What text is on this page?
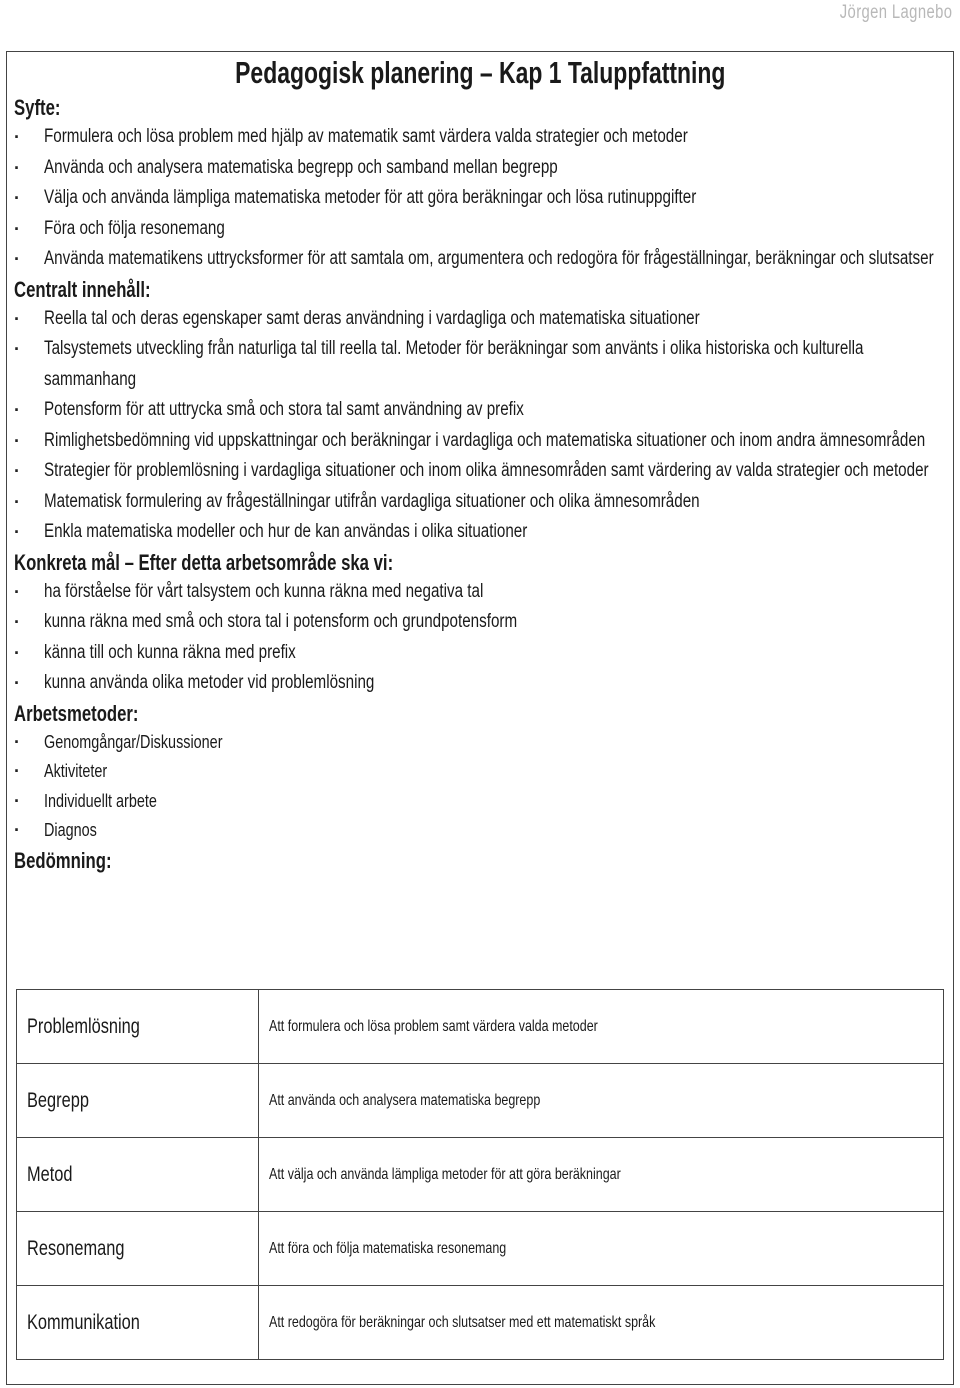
Jörgen Lagnebo
Pedagogisk planering – Kap 1 Taluppfattning
Syfte:
· Formulera och lösa problem med hjälp av matematik samt värdera valda strategier och metoder
· Använda och analysera matematiska begrepp och samband mellan begrepp
· Välja och använda lämpliga matematiska metoder för att göra beräkningar och lösa rutinuppgifter
· Föra och följa resonemang
· Använda matematikens uttrycksformer för att samtala om, argumentera och redogöra för frågeställningar, beräkningar och slutsatser
Centralt innehåll:
· Reella tal och deras egenskaper samt deras användning i vardagliga och matematiska situationer
· Talsystemets utveckling från naturliga tal till reella tal. Metoder för beräkningar som använts i olika historiska och kulturella sammanhang
· Potensform för att uttrycka små och stora tal samt användning av prefix
· Rimlighetsbedömning vid uppskattningar och beräkningar i vardagliga och matematiska situationer och inom andra ämnesområden
· Strategier för problemlösning i vardagliga situationer och inom olika ämnesområden samt värdering av valda strategier och metoder
· Matematisk formulering av frågeställningar utifrån vardagliga situationer och olika ämnesområden
· Enkla matematiska modeller och hur de kan användas i olika situationer
Konkreta mål – Efter detta arbetsområde ska vi:
· ha förståelse för vårt talsystem och kunna räkna med negativa tal
· kunna räkna med små och stora tal i potensform och grundpotensform
· känna till och kunna räkna med prefix
· kunna använda olika metoder vid problemlösning
Arbetsmetoder:
· Genomgångar/Diskussioner
· Aktiviteter
· Individuellt arbete
· Diagnos
Bedömning:
Problemlösning	Att formulera och lösa problem samt värdera valda metoder
Begrepp	Att använda och analysera matematiska begrepp
Metod	Att välja och använda lämpliga metoder för att göra beräkningar
Resonemang	Att föra och följa matematiska resonemang
Kommunikation	Att redogöra för beräkningar och slutsatser med ett matematiskt språk
